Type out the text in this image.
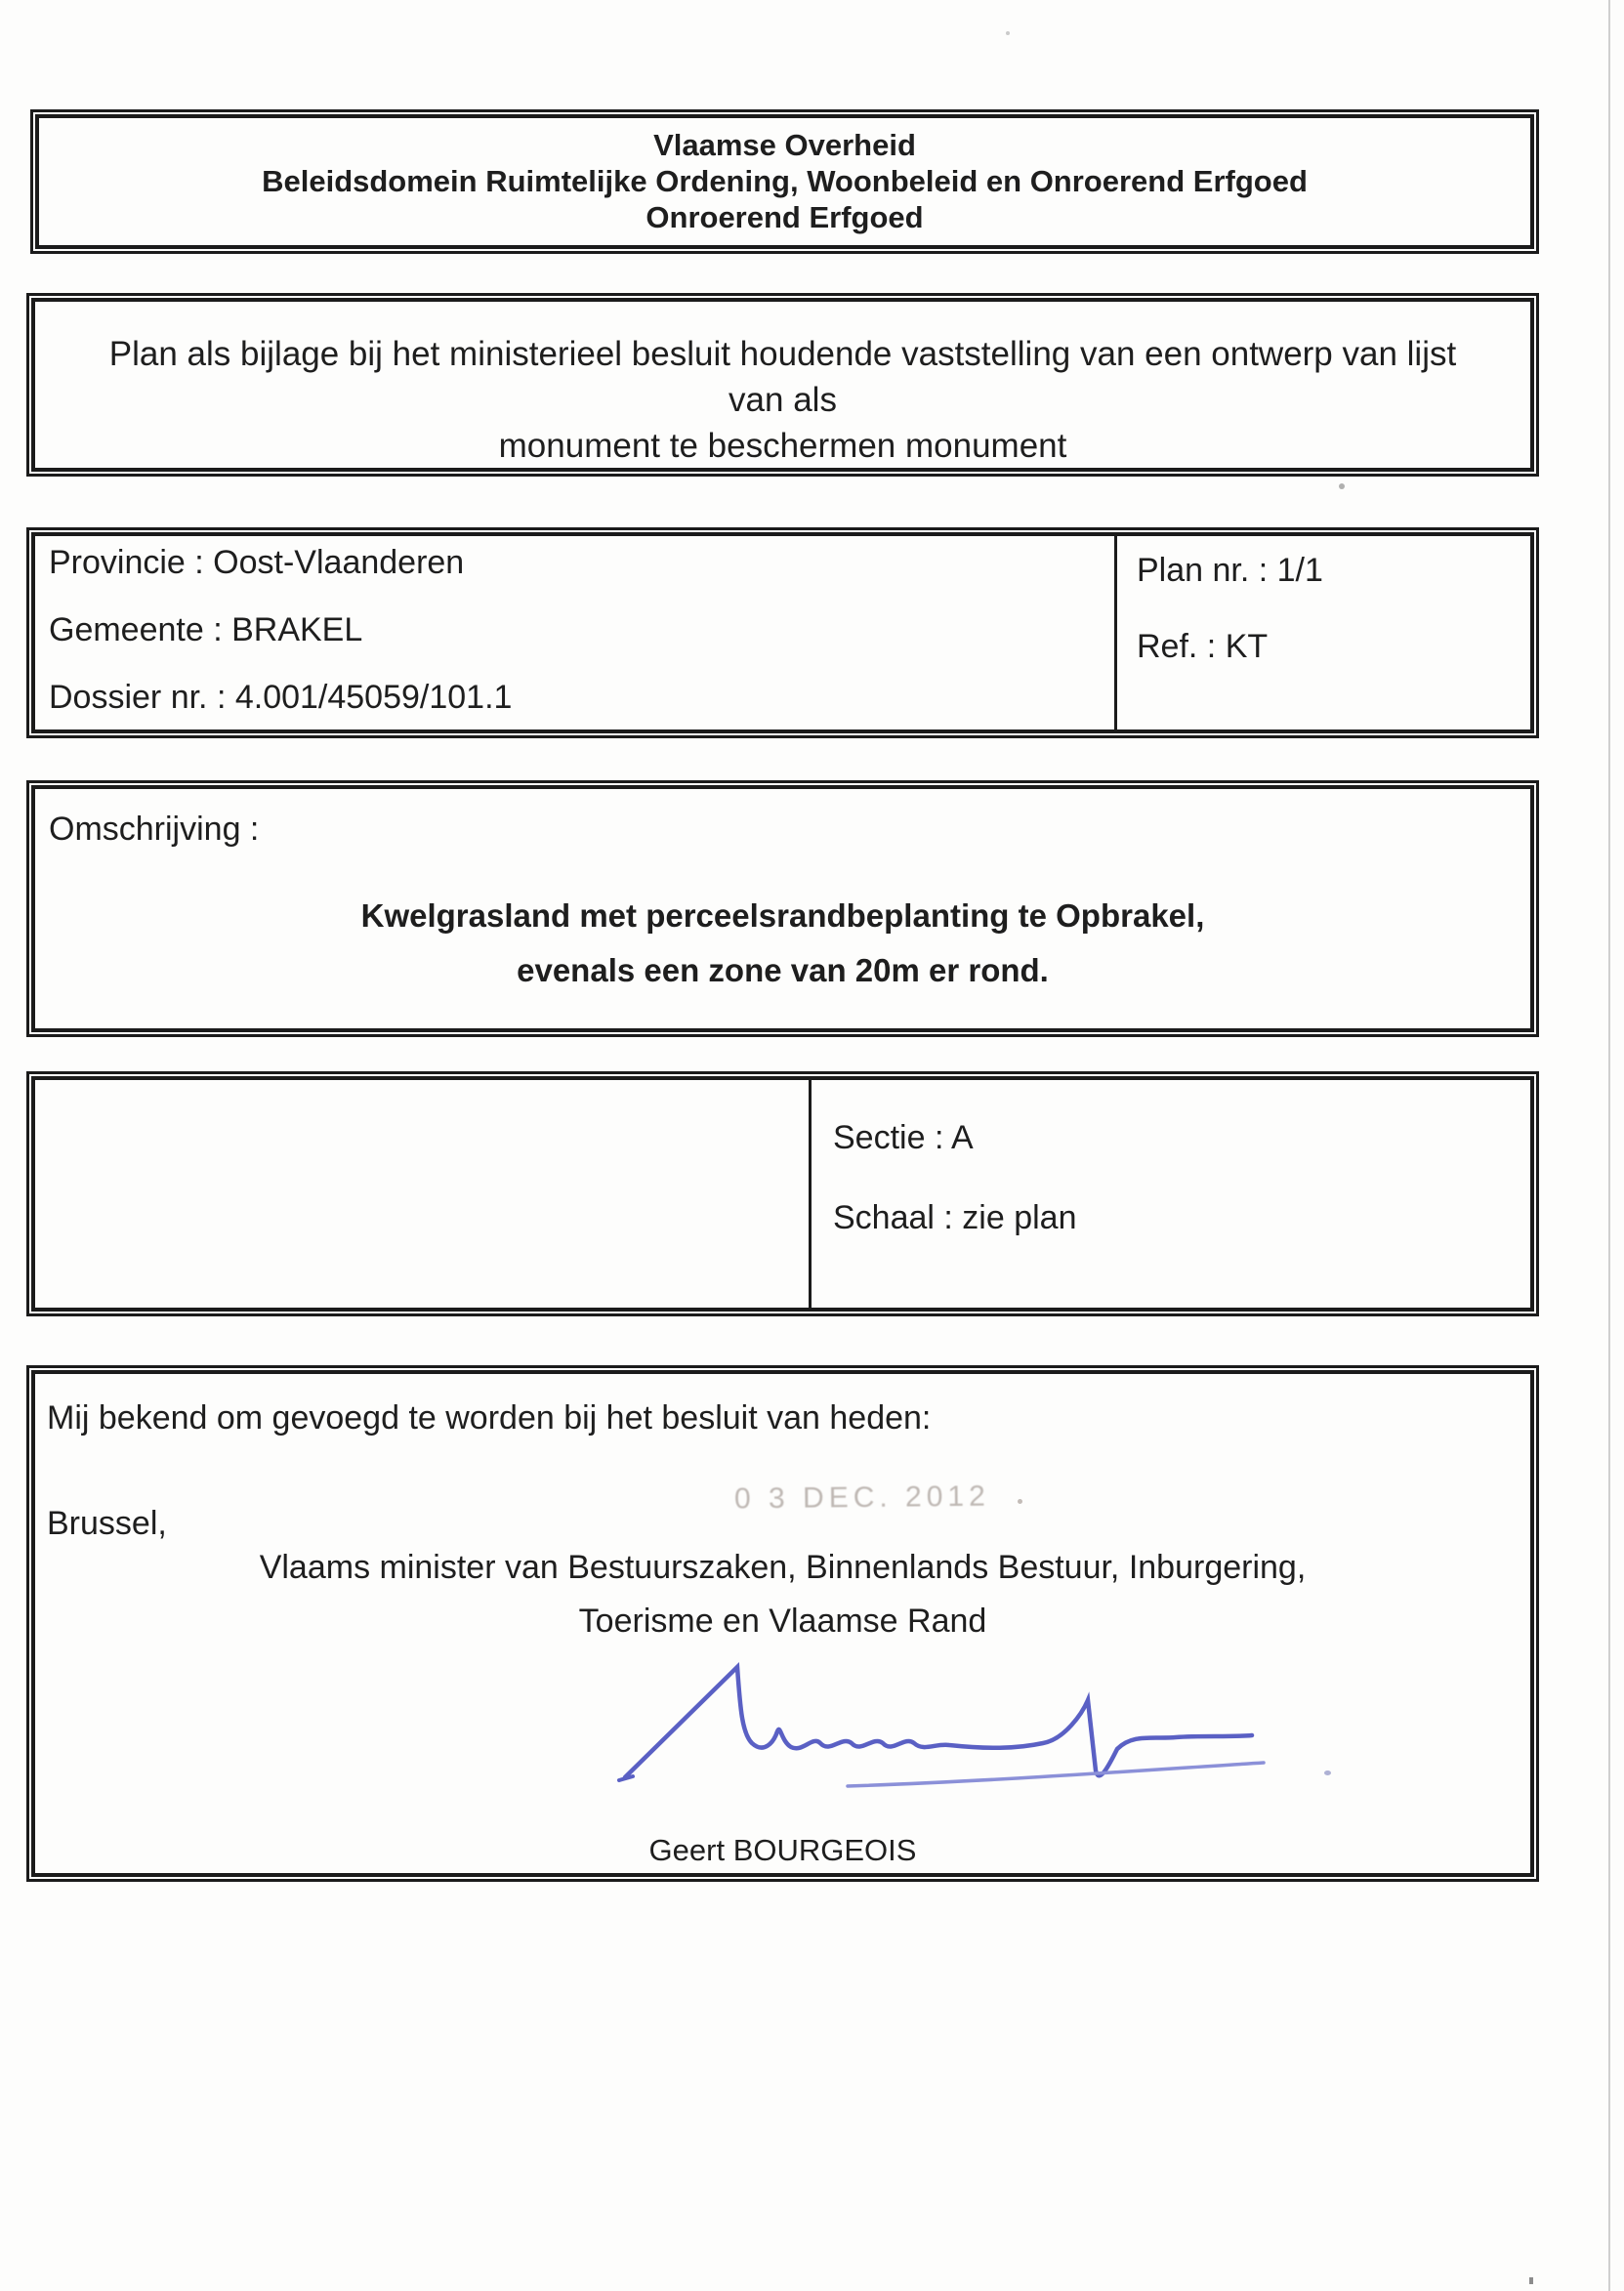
Vlaamse Overheid
Beleidsdomein Ruimtelijke Ordening, Woonbeleid en Onroerend Erfgoed
Onroerend Erfgoed
Plan als bijlage bij het ministerieel besluit houdende vaststelling van een ontwerp van lijst van als
monument te beschermen monument
Provincie : Oost-Vlaanderen
Gemeente : BRAKEL
Dossier nr. : 4.001/45059/101.1
Plan nr. : 1/1
Ref. : KT
Omschrijving :
Kwelgrasland met perceelsrandbeplanting te Opbrakel,
evenals een zone van 20m er rond.
Sectie : A
Schaal : zie plan
Mij bekend om gevoegd te worden bij het besluit van heden:
Brussel,
0 3 DEC. 2012
Vlaams minister van Bestuurszaken, Binnenlands Bestuur, Inburgering,
Toerisme en Vlaamse Rand
Geert BOURGEOIS
